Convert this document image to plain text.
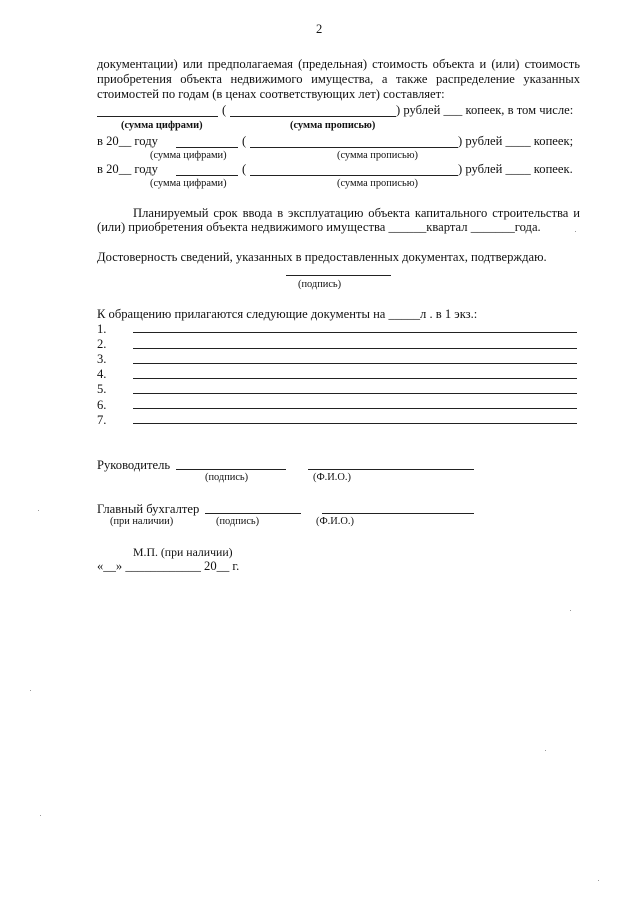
2
документации) или предполагаемая (предельная) стоимость объекта и (или) стоимость
приобретения объекта недвижимого имущества, а также распределение указанных
стоимостей по годам (в ценах соответствующих лет) составляет:
(	) рублей ___ копеек, в том числе:
(сумма цифрами)	(сумма прописью)
в 20__ году	(	) рублей ____ копеек;
(сумма цифрами)	(сумма прописью)
в 20__ году	(	) рублей ____ копеек.
(сумма цифрами)	(сумма прописью)
Планируемый срок ввода в эксплуатацию объекта капитального строительства и
(или) приобретения объекта недвижимого имущества ______квартал _______года.
Достоверность сведений, указанных в предоставленных документах, подтверждаю.
(подпись)
К обращению прилагаются следующие документы на _____л . в 1 экз.:
1.
2.
3.
4.
5.
6.
7.
Руководитель
(подпись)	(Ф.И.О.)
Главный бухгалтер
(при наличии)	(подпись)	(Ф.И.О.)
М.П. (при наличии)
«__» ____________ 20__ г.
